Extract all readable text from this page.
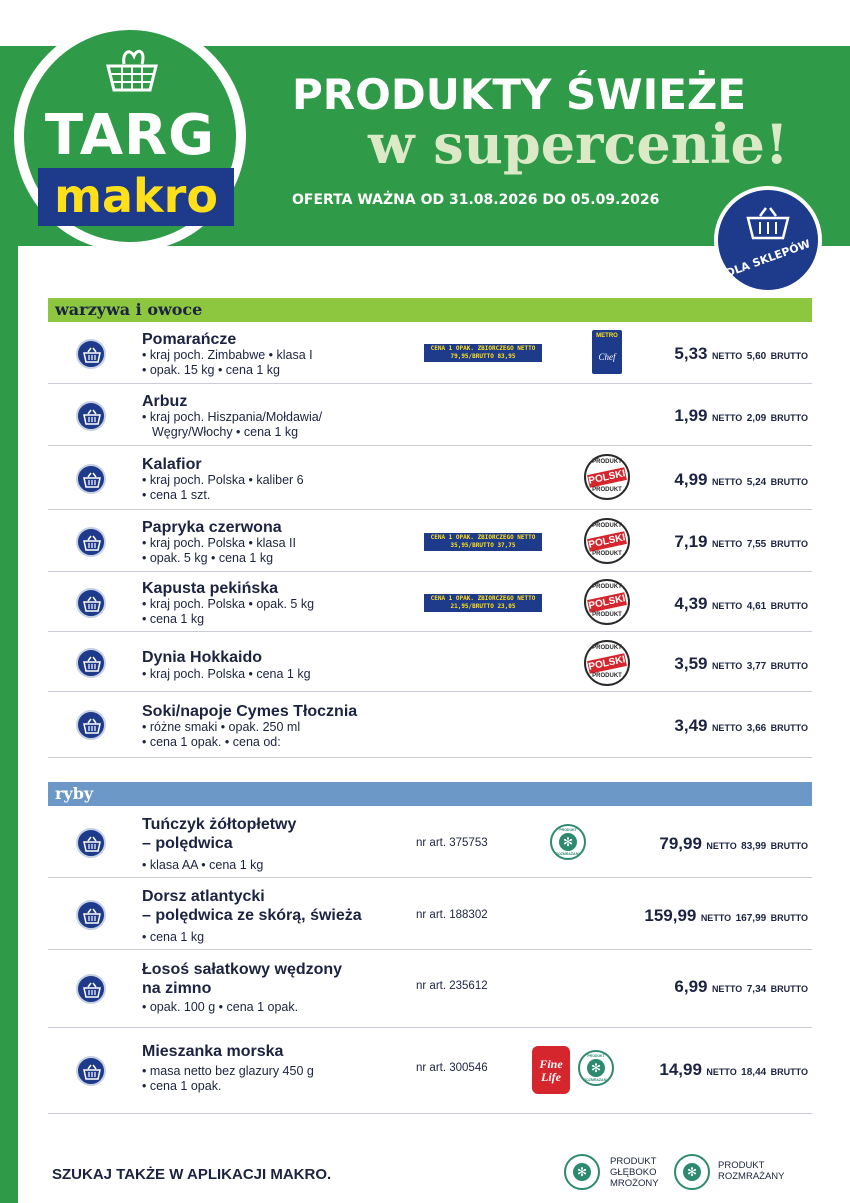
TARG
makro
PRODUKTY ŚWIEŻE
w supercenie!
OFERTA WAŻNA OD 31.08.2026 DO 05.09.2026
DLA SKLEPÓW
warzywa i owoce
Pomarańcze
• kraj poch. Zimbabwe • klasa I
• opak. 15 kg • cena 1 kg
CENA 1 OPAK. ZBIORCZEGO NETTO 79,95/BRUTTO 83,95
METRO
Chef	5,33 NETTO 5,60 BRUTTO
Arbuz
• kraj poch. Hiszpania/Mołdawia/
Węgry/Włochy • cena 1 kg
1,99 NETTO 2,09 BRUTTO
Kalafior
• kraj poch. Polska • kaliber 6
• cena 1 szt.
PRODUKT
POLSKI
PRODUKT
4,99 NETTO 5,24 BRUTTO
Papryka czerwona
• kraj poch. Polska • klasa II
• opak. 5 kg • cena 1 kg
CENA 1 OPAK. ZBIORCZEGO NETTO 35,95/BRUTTO 37,75
PRODUKT
POLSKI
PRODUKT
7,19 NETTO 7,55 BRUTTO
Kapusta pekińska
• kraj poch. Polska • opak. 5 kg
• cena 1 kg
CENA 1 OPAK. ZBIORCZEGO NETTO 21,95/BRUTTO 23,05
PRODUKT
POLSKI
PRODUKT
4,39 NETTO 4,61 BRUTTO
Dynia Hokkaido
• kraj poch. Polska • cena 1 kg
PRODUKT
POLSKI
PRODUKT
3,59 NETTO 3,77 BRUTTO
Soki/napoje Cymes Tłocznia
• różne smaki • opak. 250 ml
• cena 1 opak. • cena od:
3,49 NETTO 3,66 BRUTTO
ryby
Tuńczyk żółtopłetwy
– polędwica
• klasa AA • cena 1 kg
nr art. 375753
PRODUKT
✻
ROZMRAŻANY
79,99 NETTO 83,99 BRUTTO
Dorsz atlantycki
– polędwica ze skórą, świeża
• cena 1 kg
nr art. 188302	159,99 NETTO 167,99 BRUTTO
Łosoś sałatkowy wędzony
na zimno
• opak. 100 g • cena 1 opak.
nr art. 235612	6,99 NETTO 7,34 BRUTTO
Mieszanka morska
• masa netto bez glazury 450 g
• cena 1 opak.
nr art. 300546	Fine Life
PRODUKT
✻
ROZMRAŻANY
14,99 NETTO 18,44 BRUTTO
SZUKAJ TAKŻE W APLIKACJI MAKRO.	✻
PRODUKT
GŁĘBOKO
MROŻONY
✻	PRODUKT
ROZMRAŻANY
